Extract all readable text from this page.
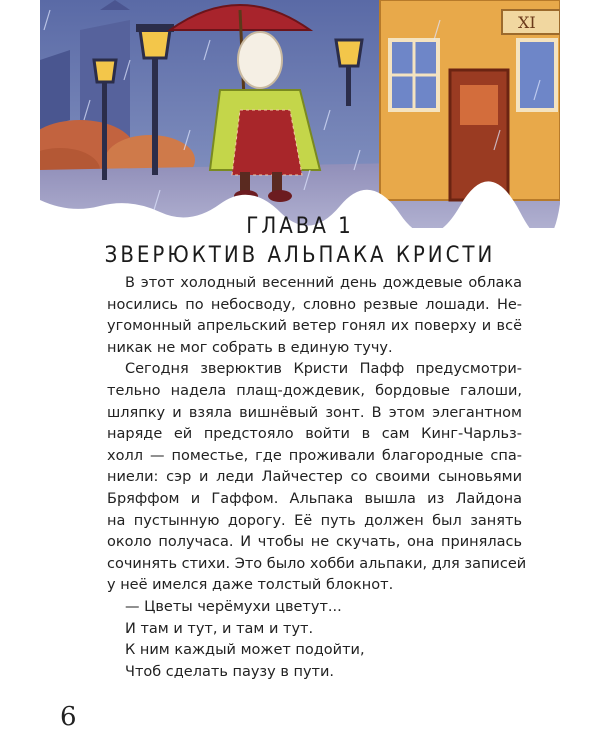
ХI
ГЛАВА 1
ЗВЕРЮКТИВ АЛЬПАКА КРИСТИ

В этот холодный весенний день дождевые облака
носились по небосводу, словно резвые лошади. Не-
угомонный апрельский ветер гонял их поверху и всё
никак не мог собрать в единую тучу.

Сегодня зверюктив Кристи Пафф предусмотри-
тельно надела плащ-дождевик, бордовые галоши,
шляпку и взяла вишнёвый зонт. В этом элегантном
наряде ей предстояло войти в сам Кинг-Чарльз-
холл — поместье, где проживали благородные спа-
ниели: сэр и леди Лайчестер со своими сыновьями
Бряффом и Гаффом. Альпака вышла из Лайдона
на пустынную дорогу. Её путь должен был занять
около получаса. И чтобы не скучать, она принялась
сочинять стихи. Это было хобби альпаки, для записей
у неё имелся даже толстый блокнот.

— Цветы черёмухи цветут...
И там и тут, и там и тут.
К ним каждый может подойти,
Чтоб сделать паузу в пути.
6
